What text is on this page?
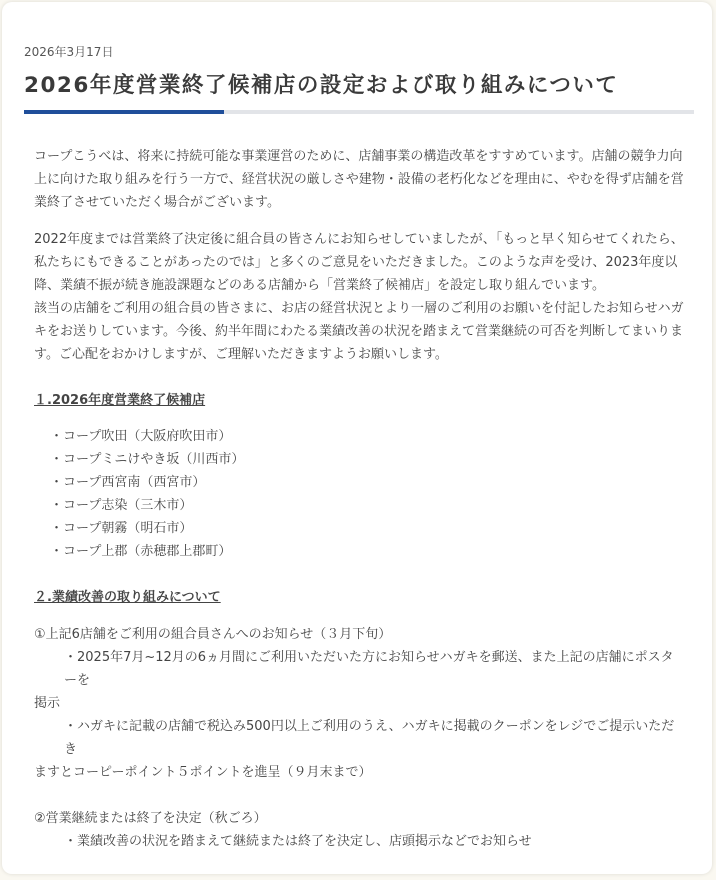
2026年3月17日
2026年度営業終了候補店の設定および取り組みについて

コープこうべは、将来に持続可能な事業運営のために、店舗事業の構造改革をすすめています。店舗の競争力向上に向けた取り組みを行う一方で、経営状況の厳しさや建物・設備の老朽化などを理由に、やむを得ず店舗を営業終了させていただく場合がございます。

2022年度までは営業終了決定後に組合員の皆さんにお知らせしていましたが、「もっと早く知らせてくれたら、私たちにもできることがあったのでは」と多くのご意見をいただきました。このような声を受け、2023年度以降、業績不振が続き施設課題などのある店舗から「営業終了候補店」を設定し取り組んでいます。

該当の店舗をご利用の組合員の皆さまに、お店の経営状況とより一層のご利用のお願いを付記したお知らせハガキをお送りしています。今後、約半年間にわたる業績改善の状況を踏まえて営業継続の可否を判断してまいります。ご心配をおかけしますが、ご理解いただきますようお願いします。

１.2026年度営業終了候補店

・コープ吹田（大阪府吹田市）
・コープミニけやき坂（川西市）
・コープ西宮南（西宮市）
・コープ志染（三木市）
・コープ朝霧（明石市）
・コープ上郡（赤穂郡上郡町）

２.業績改善の取り組みについて

①上記6店舗をご利用の組合員さんへのお知らせ（３月下旬）

・2025年7月~12月の6ヵ月間にご利用いただいた方にお知らせハガキを郵送、また上記の店舗にポスターを

掲示

・ハガキに記載の店舗で税込み500円以上ご利用のうえ、ハガキに掲載のクーポンをレジでご提示いただき

ますとコーピーポイント５ポイントを進呈（９月末まで）

②営業継続または終了を決定（秋ごろ）

・業績改善の状況を踏まえて継続または終了を決定し、店頭掲示などでお知らせ
